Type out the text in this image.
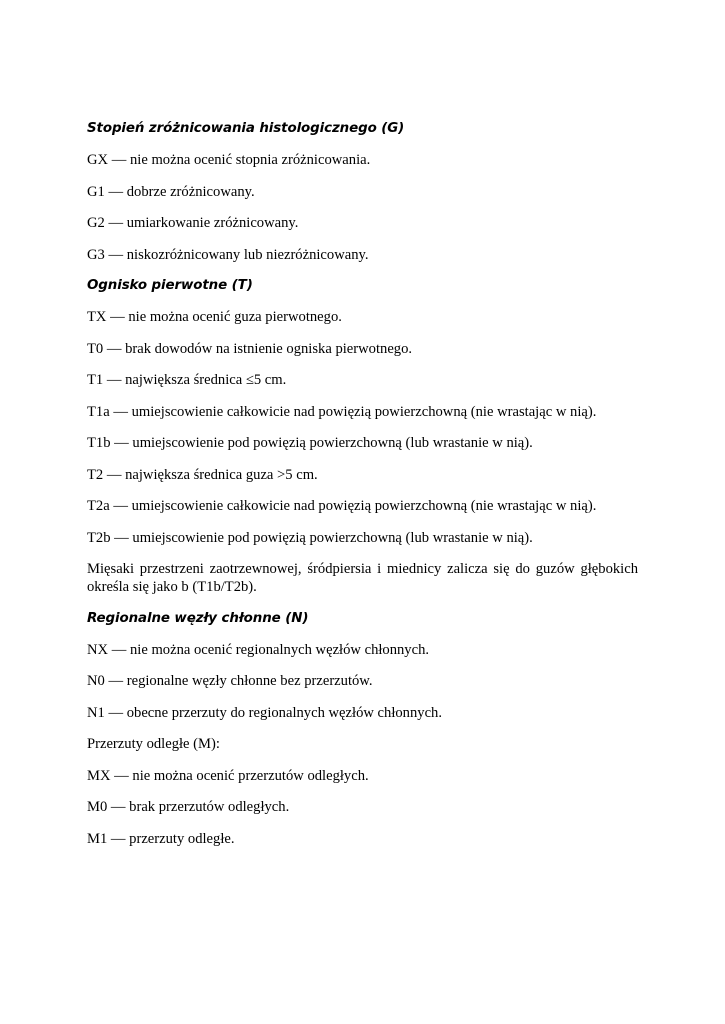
Stopień zróżnicowania histologicznego (G)
GX — nie można ocenić stopnia zróżnicowania.
G1 — dobrze zróżnicowany.
G2 — umiarkowanie zróżnicowany.
G3 — niskozróżnicowany lub niezróżnicowany.
Ognisko pierwotne (T)
TX — nie można ocenić guza pierwotnego.
T0 — brak dowodów na istnienie ogniska pierwotnego.
T1 — największa średnica ≤5 cm.
T1a — umiejscowienie całkowicie nad powięzią powierzchowną (nie wrastając w nią).
T1b — umiejscowienie pod powięzią powierzchowną (lub wrastanie w nią).
T2 — największa średnica guza >5 cm.
T2a — umiejscowienie całkowicie nad powięzią powierzchowną (nie wrastając w nią).
T2b — umiejscowienie pod powięzią powierzchowną (lub wrastanie w nią).
Mięsaki przestrzeni zaotrzewnowej, śródpiersia i miednicy zalicza się do guzów głębokich określa się jako b (T1b/T2b).
Regionalne węzły chłonne (N)
NX — nie można ocenić regionalnych węzłów chłonnych.
N0 — regionalne węzły chłonne bez przerzutów.
N1 — obecne przerzuty do regionalnych węzłów chłonnych.
Przerzuty odległe (M):
MX — nie można ocenić przerzutów odległych.
M0 — brak przerzutów odległych.
M1 — przerzuty odległe.
